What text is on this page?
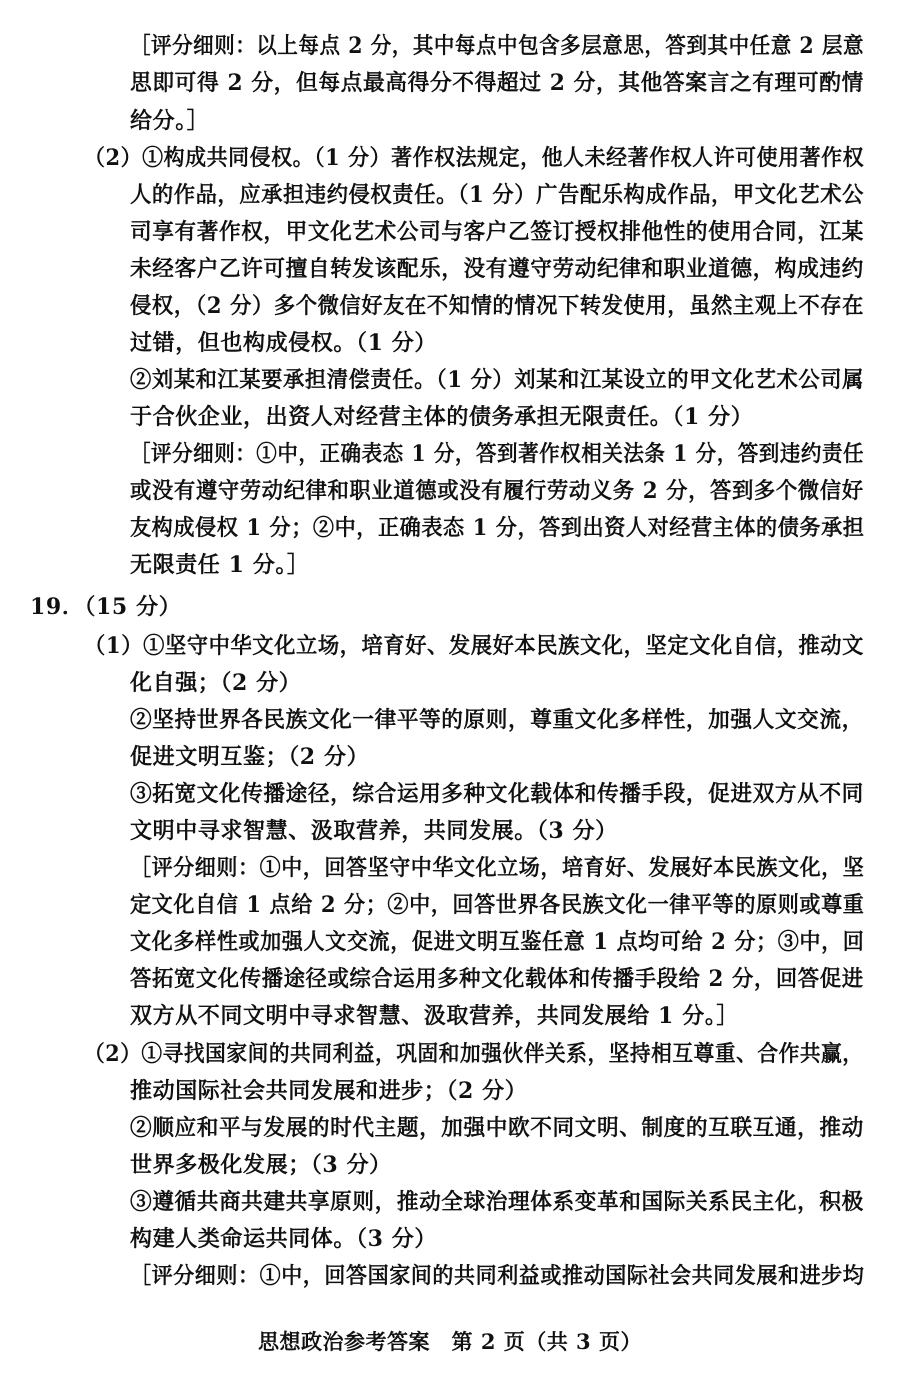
［评分细则：以上每点 2 分，其中每点中包含多层意思，答到其中任意 2 层意
思即可得 2 分，但每点最高得分不得超过 2 分，其他答案言之有理可酌情
给分。］
（2）①构成共同侵权。（1 分）著作权法规定，他人未经著作权人许可使用著作权
人的作品，应承担违约侵权责任。（1 分）广告配乐构成作品，甲文化艺术公
司享有著作权，甲文化艺术公司与客户乙签订授权排他性的使用合同，江某
未经客户乙许可擅自转发该配乐，没有遵守劳动纪律和职业道德，构成违约
侵权，（2 分）多个微信好友在不知情的情况下转发使用，虽然主观上不存在
过错，但也构成侵权。（1 分）
②刘某和江某要承担清偿责任。（1 分）刘某和江某设立的甲文化艺术公司属
于合伙企业，出资人对经营主体的债务承担无限责任。（1 分）
［评分细则：①中，正确表态 1 分，答到著作权相关法条 1 分，答到违约责任
或没有遵守劳动纪律和职业道德或没有履行劳动义务 2 分，答到多个微信好
友构成侵权 1 分；②中，正确表态 1 分，答到出资人对经营主体的债务承担
无限责任 1 分。］
19．（15 分）
（1）①坚守中华文化立场，培育好、发展好本民族文化，坚定文化自信，推动文
化自强；（2 分）
②坚持世界各民族文化一律平等的原则，尊重文化多样性，加强人文交流，
促进文明互鉴；（2 分）
③拓宽文化传播途径，综合运用多种文化载体和传播手段，促进双方从不同
文明中寻求智慧、汲取营养，共同发展。（3 分）
［评分细则：①中，回答坚守中华文化立场，培育好、发展好本民族文化，坚
定文化自信 1 点给 2 分；②中，回答世界各民族文化一律平等的原则或尊重
文化多样性或加强人文交流，促进文明互鉴任意 1 点均可给 2 分；③中，回
答拓宽文化传播途径或综合运用多种文化载体和传播手段给 2 分，回答促进
双方从不同文明中寻求智慧、汲取营养，共同发展给 1 分。］
（2）①寻找国家间的共同利益，巩固和加强伙伴关系，坚持相互尊重、合作共赢，
推动国际社会共同发展和进步；（2 分）
②顺应和平与发展的时代主题，加强中欧不同文明、制度的互联互通，推动
世界多极化发展；（3 分）
③遵循共商共建共享原则，推动全球治理体系变革和国际关系民主化，积极
构建人类命运共同体。（3 分）
［评分细则：①中，回答国家间的共同利益或推动国际社会共同发展和进步均
思想政治参考答案　第 2 页（共 3 页）
